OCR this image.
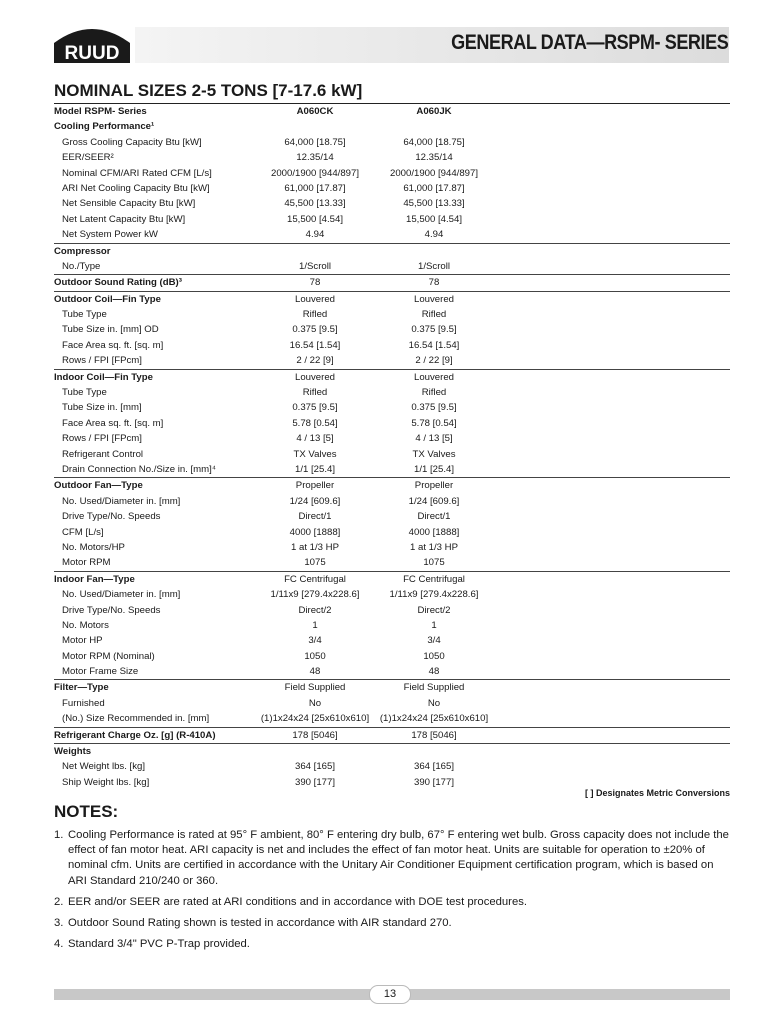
RUUD	GENERAL DATA—RSPM- SERIES
NOMINAL SIZES 2-5 TONS [7-17.6 kW]
Model RSPM- Series	A060CK	A060JK
Cooling Performance¹
Gross Cooling Capacity Btu [kW]	64,000 [18.75]	64,000 [18.75]
EER/SEER²	12.35/14	12.35/14
Nominal CFM/ARI Rated CFM [L/s]	2000/1900 [944/897]	2000/1900 [944/897]
ARI Net Cooling Capacity Btu [kW]	61,000 [17.87]	61,000 [17.87]
Net Sensible Capacity Btu [kW]	45,500 [13.33]	45,500 [13.33]
Net Latent Capacity Btu [kW]	15,500 [4.54]	15,500 [4.54]
Net System Power kW	4.94	4.94
Compressor
No./Type	1/Scroll	1/Scroll
Outdoor Sound Rating (dB)³	78	78
Outdoor Coil—Fin Type	Louvered	Louvered
Tube Type	Rifled	Rifled
Tube Size in. [mm] OD	0.375 [9.5]	0.375 [9.5]
Face Area sq. ft. [sq. m]	16.54 [1.54]	16.54 [1.54]
Rows / FPI [FPcm]	2 / 22 [9]	2 / 22 [9]
Indoor Coil—Fin Type	Louvered	Louvered
Tube Type	Rifled	Rifled
Tube Size in. [mm]	0.375 [9.5]	0.375 [9.5]
Face Area sq. ft. [sq. m]	5.78 [0.54]	5.78 [0.54]
Rows / FPI [FPcm]	4 / 13 [5]	4 / 13 [5]
Refrigerant Control	TX Valves	TX Valves
Drain Connection No./Size in. [mm]⁴	1/1 [25.4]	1/1 [25.4]
Outdoor Fan—Type	Propeller	Propeller
No. Used/Diameter in. [mm]	1/24 [609.6]	1/24 [609.6]
Drive Type/No. Speeds	Direct/1	Direct/1
CFM [L/s]	4000 [1888]	4000 [1888]
No. Motors/HP	1 at 1/3 HP	1 at 1/3 HP
Motor RPM	1075	1075
Indoor Fan—Type	FC Centrifugal	FC Centrifugal
No. Used/Diameter in. [mm]	1/11x9 [279.4x228.6]	1/11x9 [279.4x228.6]
Drive Type/No. Speeds	Direct/2	Direct/2
No. Motors	1	1
Motor HP	3/4	3/4
Motor RPM (Nominal)	1050	1050
Motor Frame Size	48	48
Filter—Type	Field Supplied	Field Supplied
Furnished	No	No
(No.) Size Recommended in. [mm]	(1)1x24x24 [25x610x610]	(1)1x24x24 [25x610x610]
Refrigerant Charge Oz. [g] (R-410A)	178 [5046]	178 [5046]
Weights
Net Weight lbs. [kg]	364 [165]	364 [165]
Ship Weight lbs. [kg]	390 [177]	390 [177]
[ ] Designates Metric Conversions
NOTES:
1. Cooling Performance is rated at 95° F ambient, 80° F entering dry bulb, 67° F entering wet bulb. Gross capacity does not include the effect of fan motor heat. ARI capacity is net and includes the effect of fan motor heat. Units are suitable for operation to ±20% of nominal cfm. Units are certified in accordance with the Unitary Air Conditioner Equipment certification program, which is based on ARI Standard 210/240 or 360.
2. EER and/or SEER are rated at ARI conditions and in accordance with DOE test procedures.
3. Outdoor Sound Rating shown is tested in accordance with AIR standard 270.
4. Standard 3/4" PVC P-Trap provided.
13
